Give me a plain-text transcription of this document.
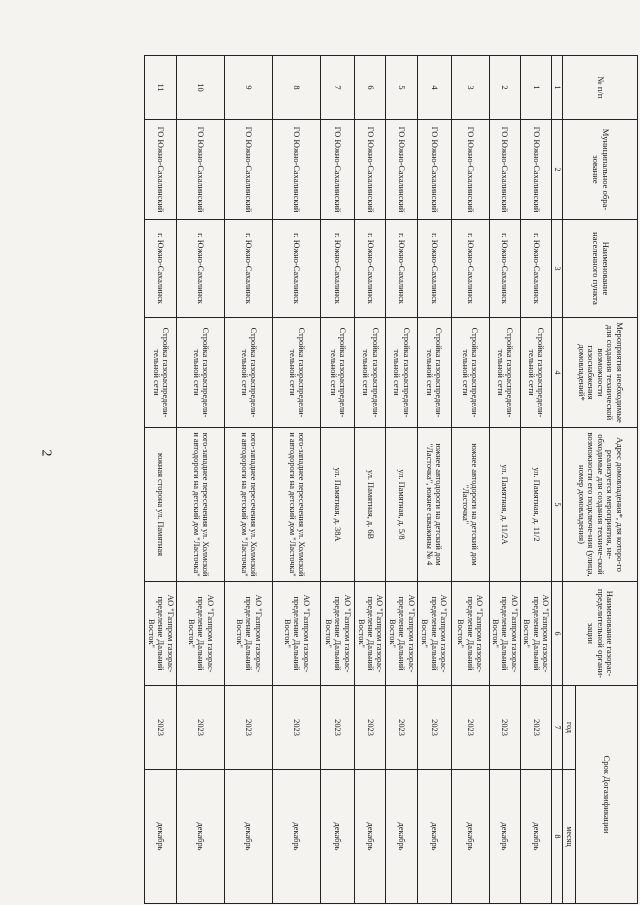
2
№ п/п	Муниципальное обра-зование	Наименование населенного пункта	Мероприятия необходимые для создания технической возможности газоснабжения домовладений*	Адрес домовладения*, для которо-го реализуется мероприятия, не-обходимые для создания техниче-ской возможности его подключе-ния (улица, номер домовладения)	Наименование газорас-пределительной органи-зации	Срок Догазификации	
						год	месяц
1	2	3	4	5	6	7	8
1	ГО Южно-Сахалинский	г. Южно-Сахалинск	Стройка газораспредели-тельной сети	ул. Памятная, д. 11/2	АО "Газпром газорас-пределение Дальний Восток"	2023	декабрь
2	ГО Южно-Сахалинский	г. Южно-Сахалинск	Стройка газораспредели-тельной сети	ул. Памятная, д. 11/2А	АО "Газпром газорас-пределение Дальний Восток"	2023	декабрь
3	ГО Южно-Сахалинский	г. Южно-Сахалинск	Стройка газораспредели-тельной сети	южнее автодороги на детский дом "Ласточка"	АО "Газпром газорас-пределение Дальний Восток"	2023	декабрь
4	ГО Южно-Сахалинский	г. Южно-Сахалинск	Стройка газораспредели-тельной сети	южнее автодороги на детский дом "Ласточка", южнее скважины № 4	АО "Газпром газорас-пределение Дальний Восток"	2023	декабрь
5	ГО Южно-Сахалинский	г. Южно-Сахалинск	Стройка газораспредели-тельной сети	ул. Памятная, д. 5/8	АО "Газпром газорас-пределение Дальний Восток"	2023	декабрь
6	ГО Южно-Сахалинский	г. Южно-Сахалинск	Стройка газораспредели-тельной сети	ул. Памятная, д. 6В	АО "Газпром газорас-пределение Дальний Восток"	2023	декабрь
7	ГО Южно-Сахалинский	г. Южно-Сахалинск	Стройка газораспредели-тельной сети	ул. Памятная, д. 38А	АО "Газпром газорас-пределение Дальний Восток"	2023	декабрь
8	ГО Южно-Сахалинский	г. Южно-Сахалинск	Стройка газораспредели-тельной сети	юго-западнее пересечения ул. Холмской и автодороги на детский дом "Ласточка"	АО "Газпром газорас-пределение Дальний Восток"	2023	декабрь
9	ГО Южно-Сахалинский	г. Южно-Сахалинск	Стройка газораспредели-тельной сети	юго-западнее пересечения ул. Холмской и автодороги на детский дом "Ласточка"	АО "Газпром газорас-пределение Дальний Восток"	2023	декабрь
10	ГО Южно-Сахалинский	г. Южно-Сахалинск	Стройка газораспредели-тельной сети	юго-западнее пересечения ул. Холмской и автодороги на детский дом "Ласточка"	АО "Газпром газорас-пределение Дальний Восток"	2023	декабрь
11	ГО Южно-Сахалинский	г. Южно-Сахалинск	Стройка газораспредели-тельной сети	южная сторона ул. Памятная	АО "Газпром газорас-пределение Дальний Восток"	2023	декабрь
